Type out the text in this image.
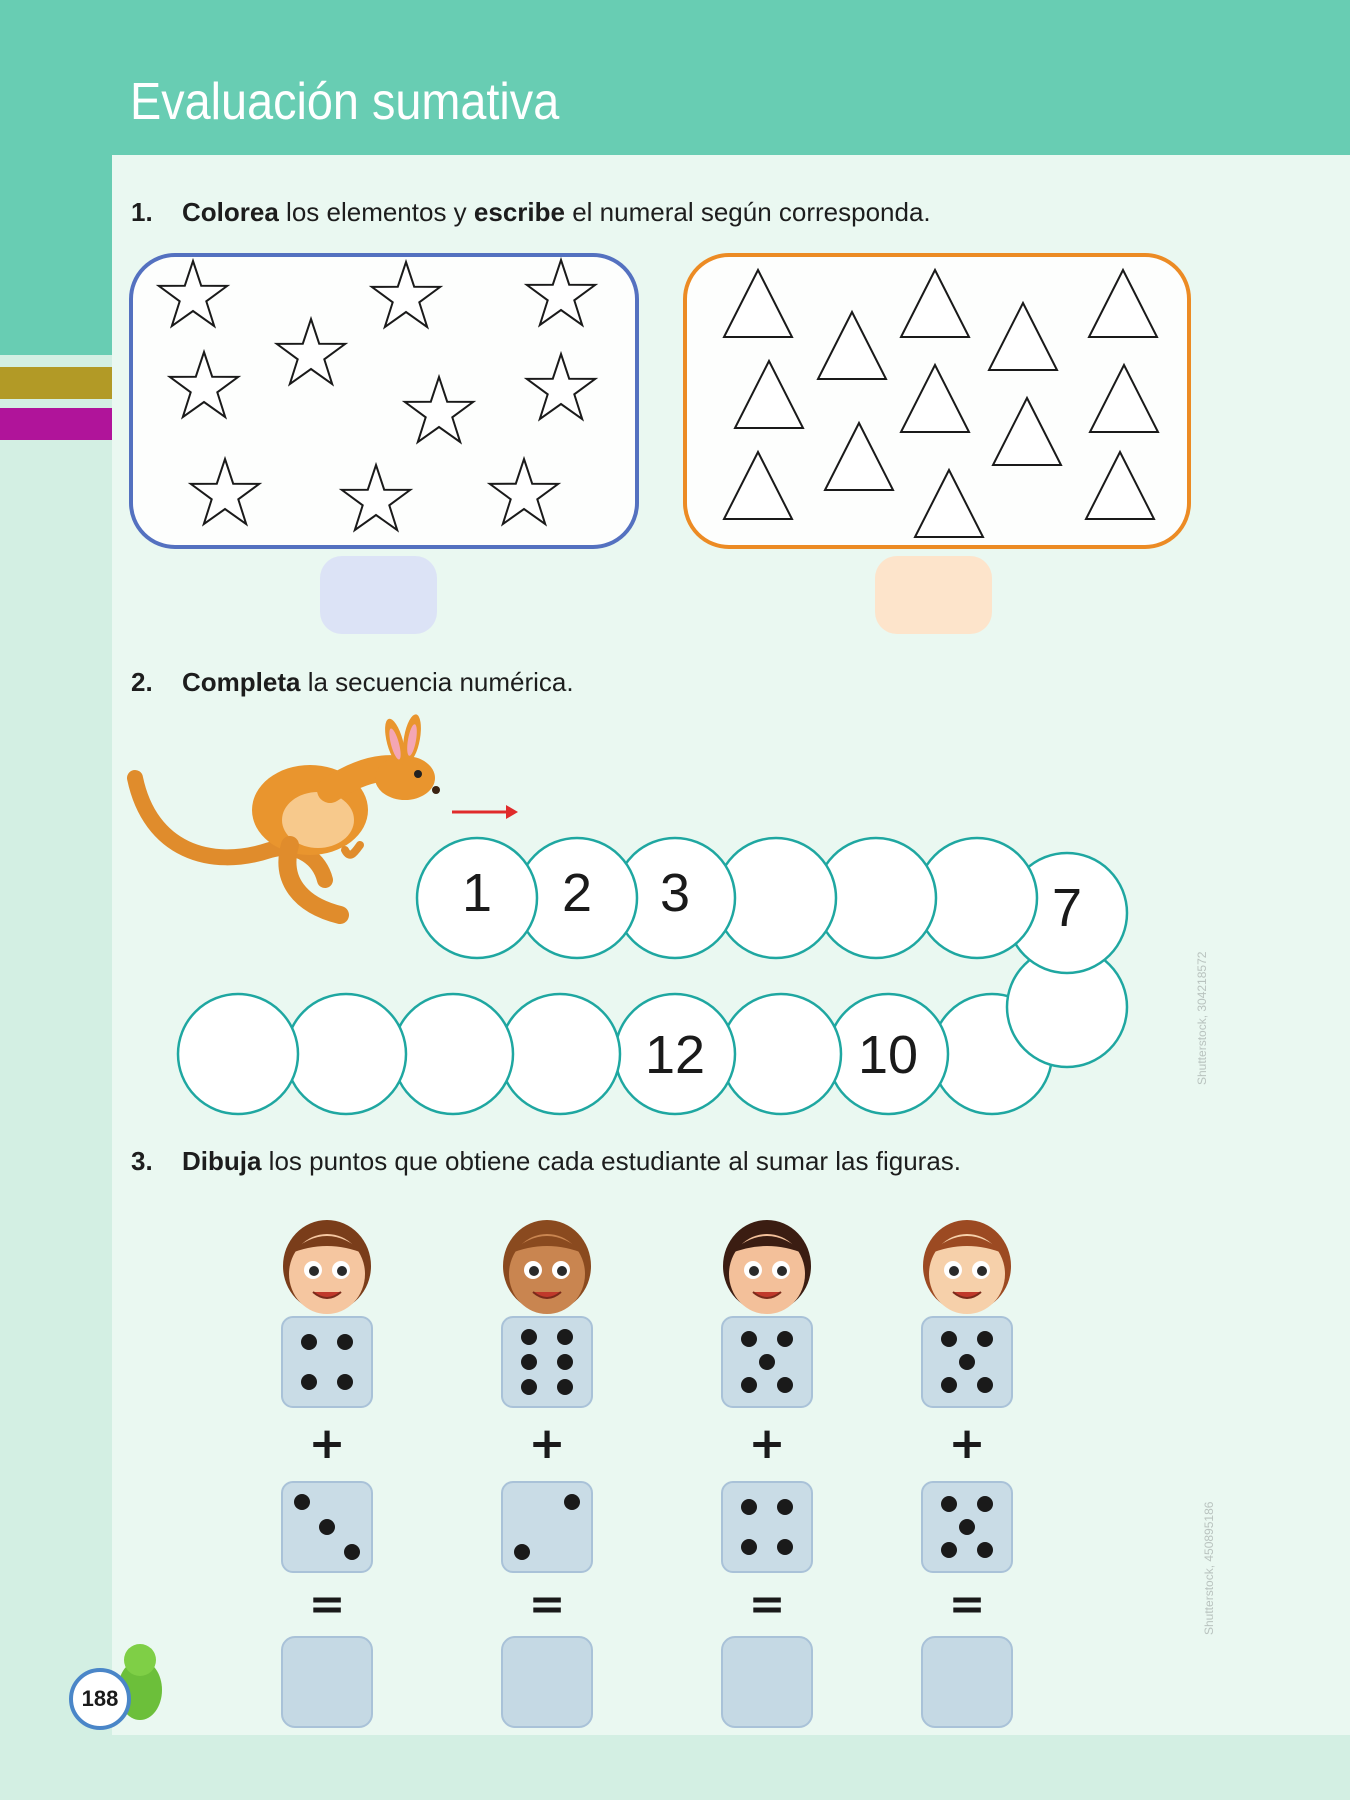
Evaluación sumativa

1. Colorea los elementos y escribe el numeral según corresponda.

2. Completa la secuencia numérica.

3. Dibuja los puntos que obtiene cada estudiante al sumar las figuras.

10
12
7
3
2
1
Shutterstock, 304218572
Shutterstock, 450895186
+
=
+
=
+
=
+
=
188
